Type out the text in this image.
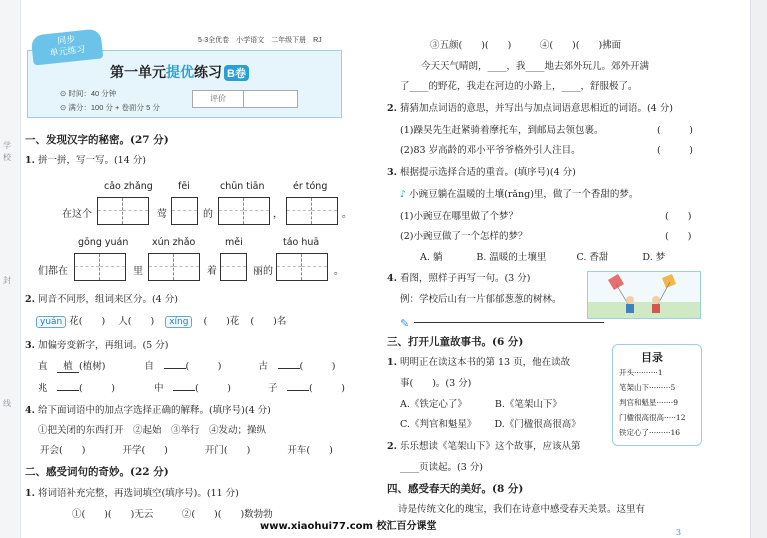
学
校
封
线
5·3全优卷　小学语文　二年级下册　RJ
同步
单元练习
第一单元提优练习 B卷
⊙ 时间：40 分钟
⊙ 满分：100 分 + 卷面分 5 分
评价
一、发现汉字的秘密。(27 分)
1. 拼一拼，写一写。(14 分)
cǎo zhǎng	fēi	chūn tiān	ér tóng
在这个	莺	的	，	。
gōng yuán xún zhǎo	měi	táo huā
们都在	里	着	丽的	。
2. 同音不同形，组词来区分。(4 分)
yuán 花(　　) 人(　　) xíng (　　)花 (　　)名
3. 加偏旁变新字，再组词。(5 分)
直　 植 (植树)	自　	(　　　)	古　	(　　　)
兆　	(　　　)	中　	(　　　)	子　	(　　　)
4. 给下面词语中的加点字选择正确的解释。(填序号)(4 分)
①把关闭的东西打开　②起始　③举行　④发动；操纵
开会(　　)	开学(　　)	开门(　　)	开车(　　)
二、感受词句的奇妙。(22 分)
1. 将词语补充完整，再选词填空(填序号)。(11 分)
①(　　)(　　)无云　　　②(　　)(　　)数勃勃
③五颜(　　)(　　)　　　④(　　)(　　)拂面
今天天气晴朗，____，我____地去郊外玩儿。郊外开满
了____的野花，我走在河边的小路上，____，舒服极了。
2. 猜猜加点词语的意思，并写出与加点词语意思相近的词语。(4 分)
(1)躁昊先生赶紧骑着摩托车，到邮局去领包裹。	(　　　)
(2)83 岁高龄的邓小平爷爷格外引人注目。	(　　　)
3. 根据提示选择合适的重音。(填序号)(4 分)
♪ 小豌豆躺在温暖的土壤(rǎng)里，做了一个香甜的梦。
(1)小豌豆在哪里做了个梦？	(　　)
(2)小豌豆做了一个怎样的梦？	(　　)
A. 躺	B. 温暖的土壤里	C. 香甜	D. 梦
4. 看图，照样子再写一句。(3 分)
例：学校后山有一片郁郁葱葱的树林。
✎
三、打开儿童故事书。(6 分)
1. 明明正在读这本书的第 13 页，他在读故
事(　　)。(3 分)
A.《铁定心了》	B.《笔架山下》
C.《判官和魁星》 D.《门楹很高很高》
2. 乐乐想读《笔架山下》这个故事，应该从第
____页读起。(3 分)
目录
开头··········1
笔架山下·········5
判官和魁星·······9
门楹很高很高·····12
铁定心了·········16
四、感受春天的美好。(8 分)
诗是传统文化的瑰宝，我们在诗意中感受春天美景。这里有
www.xiaohui77.com 校汇百分课堂
3
